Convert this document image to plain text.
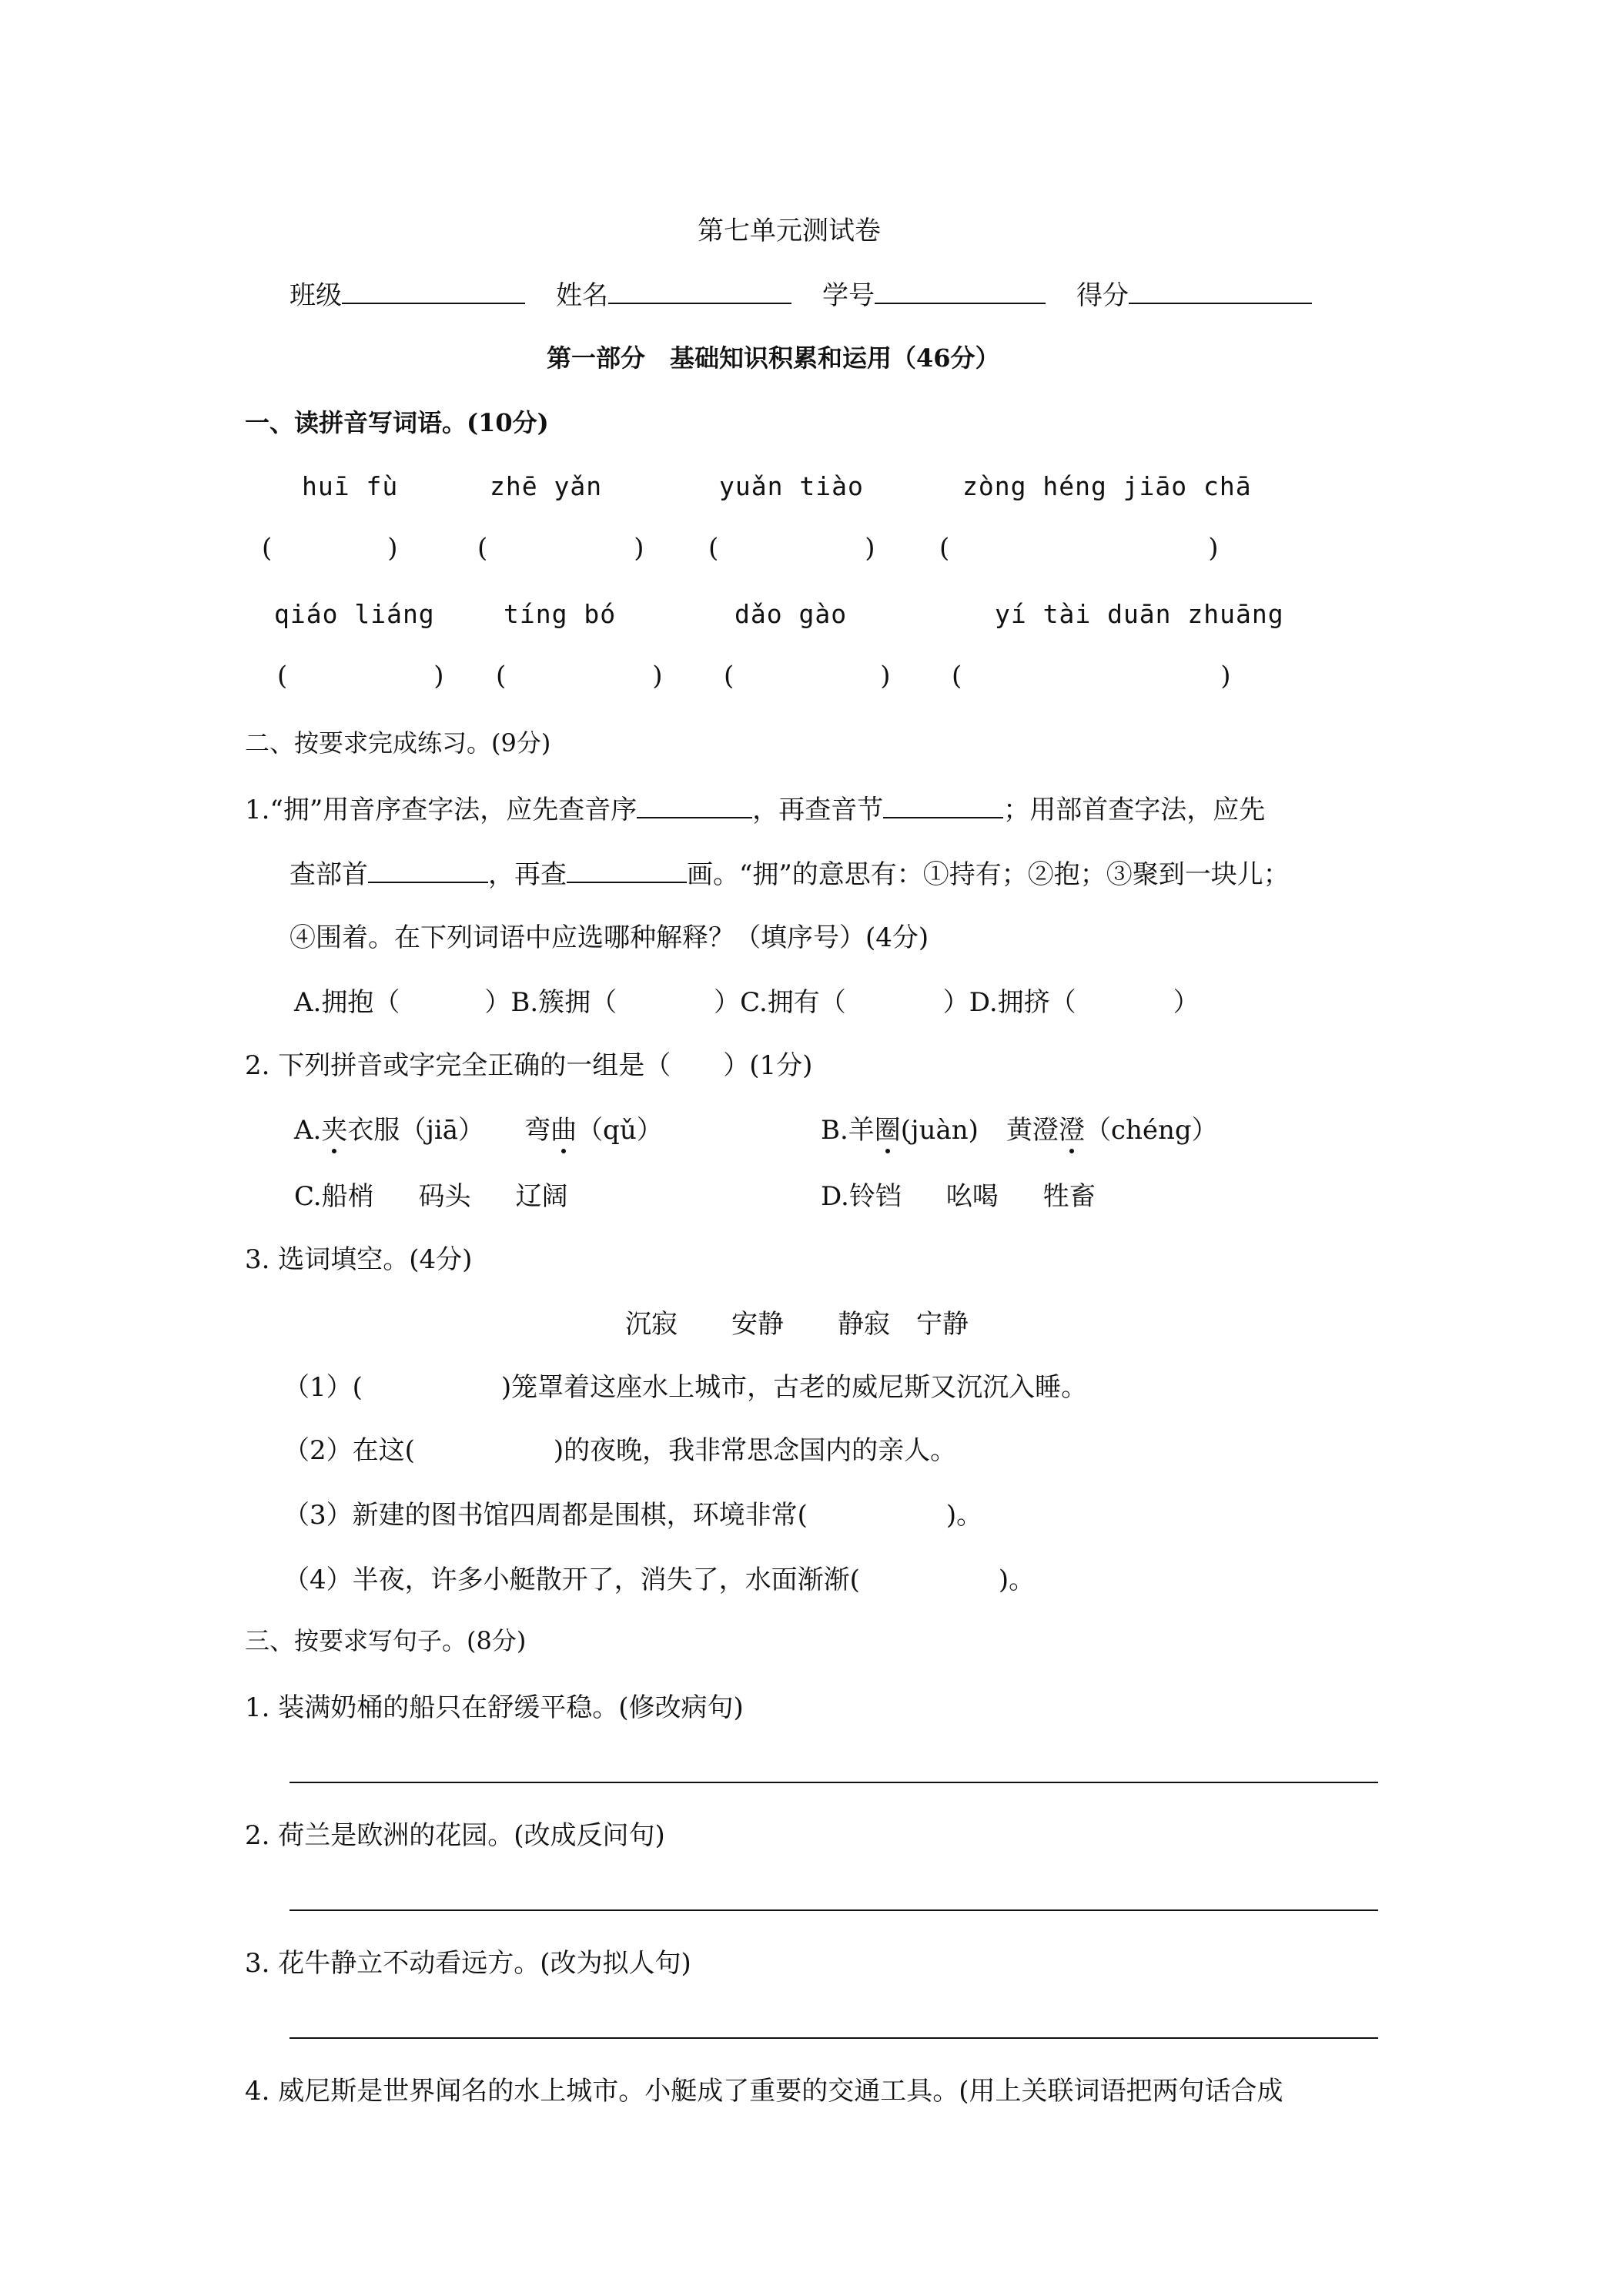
第七单元测试卷
班级	姓名	学号	得分
第一部分　基础知识积累和运用（46分）
一、读拼音写词语。(10分)
huī fù	zhē yǎn	yuǎn tiào	zòng héng jiāo chā
(	)	(	) (	) (	)
qiáo liáng	tíng bó	dǎo gào	yí tài duān zhuāng
(	) (	) (	) (	)
二、按要求完成练习。(9分)
1.“拥”用音序查字法，应先查音序	，再查音节	；用部首查字法，应先
查部首	，再查	画。“拥”的意思有：①持有；②抱；③聚到一块儿；
④围着。在下列词语中应选哪种解释？（填序号）(4分)
A.拥抱（	）B.簇拥（	）C.拥有（	）D.拥挤（	）
2. 下列拼音或字完全正确的一组是（　　）(1分)
A.夹衣服（jiā） 弯曲（qǔ）	B.羊圈(juàn) 黄澄澄（chéng）
C.船梢 码头 辽阔	D.铃铛 吆喝 牲畜
3. 选词填空。(4分)
沉寂 安静 静寂 宁静
（1）(	)笼罩着这座水上城市，古老的威尼斯又沉沉入睡。
（2）在这(	)的夜晚，我非常思念国内的亲人。
（3）新建的图书馆四周都是围棋，环境非常(	)。
（4）半夜，许多小艇散开了，消失了，水面渐渐(	)。
三、按要求写句子。(8分)
1. 装满奶桶的船只在舒缓平稳。(修改病句)
2. 荷兰是欧洲的花园。(改成反问句)
3. 花牛静立不动看远方。(改为拟人句)
4. 威尼斯是世界闻名的水上城市。小艇成了重要的交通工具。(用上关联词语把两句话合成
